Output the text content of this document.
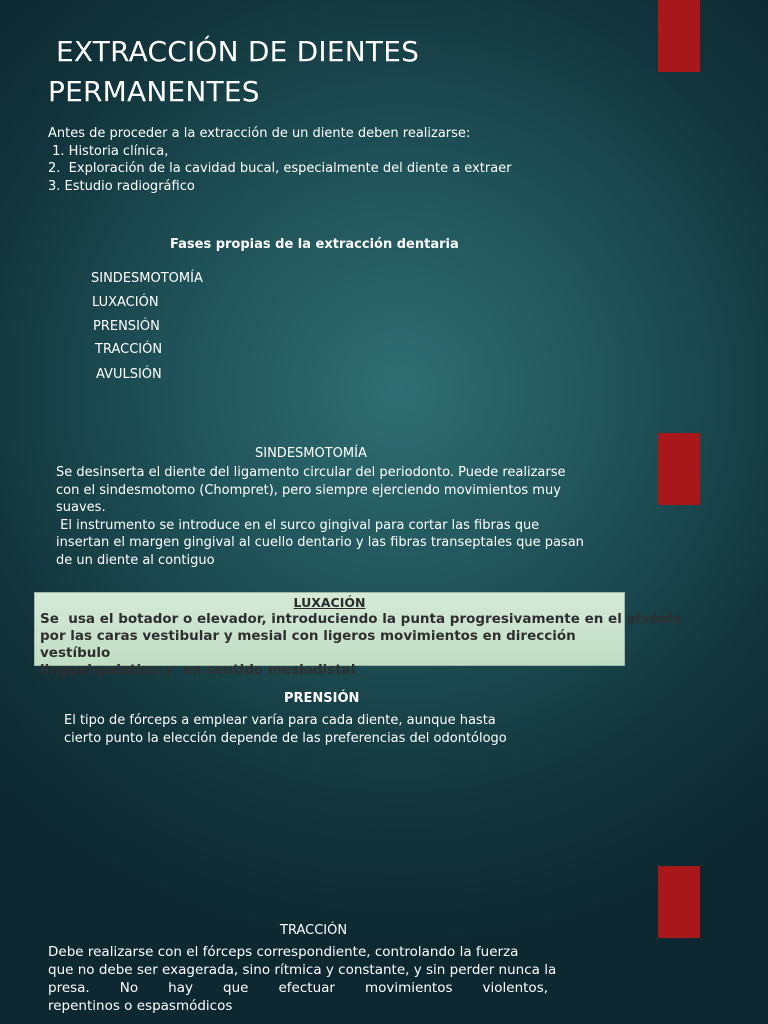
EXTRACCIÓN DE DIENTES
PERMANENTES
Antes de proceder a la extracción de un diente deben realizarse:
1. Historia clínica,
2.  Exploración de la cavidad bucal, especialmente del diente a extraer
3. Estudio radiográfico
Fases propias de la extracción dentaria
SINDESMOTOMÍA
LUXACIÓN
PRENSIÓN
TRACCIÓN
AVULSIÓN
SINDESMOTOMÍA
Se desinserta el diente del ligamento circular del periodonto. Puede realizarse
con el sindesmotomo (Chompret), pero siempre ejerciendo movimientos muy
suaves.
El instrumento se introduce en el surco gingival para cortar las fibras que
insertan el margen gingival al cuello dentario y las fibras transeptales que pasan
de un diente al contiguo
LUXACIÓN
Se  usa el botador o elevador, introduciendo la punta progresivamente en el alvéolo
por las caras vestibular y mesial con ligeros movimientos en dirección vestíbulo
lingual-palatino y  en sentido mesiodistal
PRENSIÓN
El tipo de fórceps a emplear varía para cada diente, aunque hasta
cierto punto la elección depende de las preferencias del odontólogo
TRACCIÓN
Debe realizarse con el fórceps correspondiente, controlando la fuerza
que no debe ser exagerada, sino rítmica y constante, y sin perder nunca la
presa.       No       hay       que       efectuar       movimientos       violentos,
repentinos o espasmódicos
